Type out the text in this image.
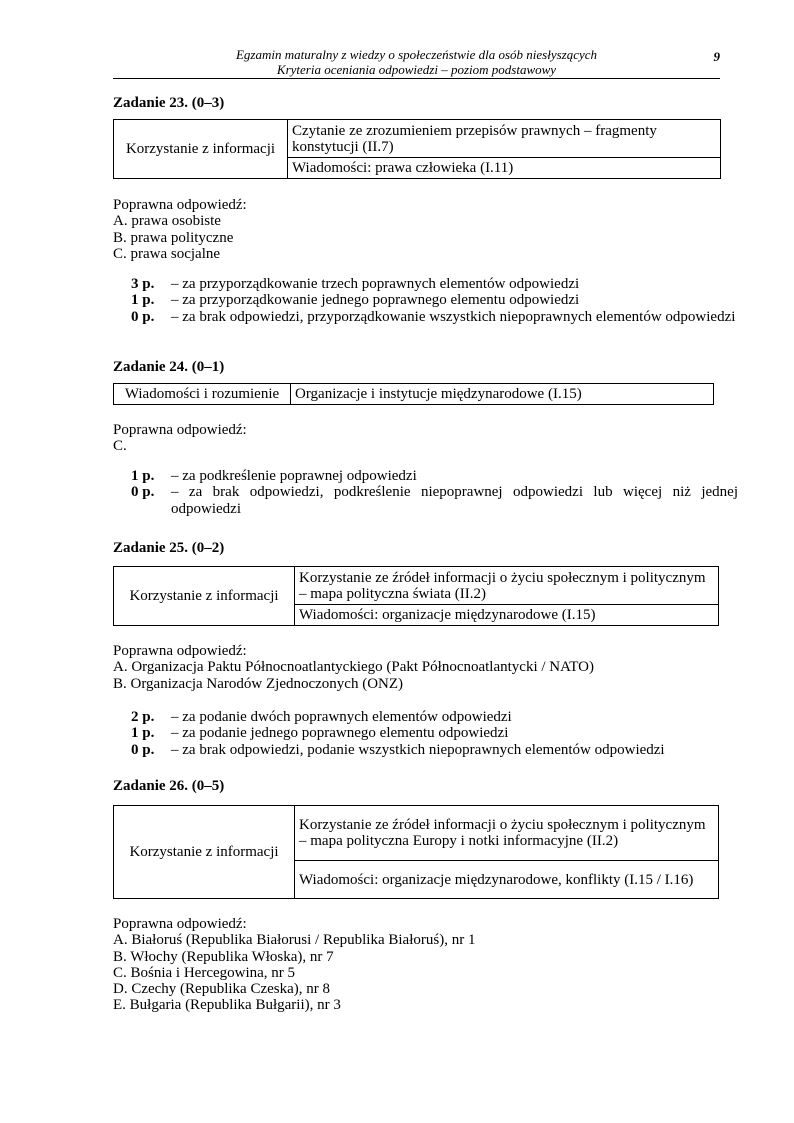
Egzamin maturalny z wiedzy o społeczeństwie dla osób niesłyszących
Kryteria oceniania odpowiedzi – poziom podstawowy
9
Zadanie 23. (0–3)
Korzystanie z informacji	Czytanie ze zrozumieniem przepisów prawnych – fragmenty konstytucji (II.7)
Wiadomości: prawa człowieka (I.11)
Poprawna odpowiedź:
A. prawa osobiste
B. prawa polityczne
C. prawa socjalne
3 p. – za przyporządkowanie trzech poprawnych elementów odpowiedzi
1 p. – za przyporządkowanie jednego poprawnego elementu odpowiedzi
0 p. – za brak odpowiedzi, przyporządkowanie wszystkich niepoprawnych elementów odpowiedzi
Zadanie 24. (0–1)
Wiadomości i rozumienie	Organizacje i instytucje międzynarodowe (I.15)
Poprawna odpowiedź:
C.
1 p. – za podkreślenie poprawnej odpowiedzi
0 p. – za brak odpowiedzi, podkreślenie niepoprawnej odpowiedzi lub więcej niż jednej odpowiedzi
Zadanie 25. (0–2)
Korzystanie z informacji	Korzystanie ze źródeł informacji o życiu społecznym i politycznym – mapa polityczna świata (II.2)
Wiadomości: organizacje międzynarodowe (I.15)
Poprawna odpowiedź:
A. Organizacja Paktu Północnoatlantyckiego (Pakt Północnoatlantycki / NATO)
B. Organizacja Narodów Zjednoczonych (ONZ)
2 p. – za podanie dwóch poprawnych elementów odpowiedzi
1 p. – za podanie jednego poprawnego elementu odpowiedzi
0 p. – za brak odpowiedzi, podanie wszystkich niepoprawnych elementów odpowiedzi
Zadanie 26. (0–5)
Korzystanie z informacji	Korzystanie ze źródeł informacji o życiu społecznym i politycznym – mapa polityczna Europy i notki informacyjne (II.2)
Wiadomości: organizacje międzynarodowe, konflikty (I.15 / I.16)
Poprawna odpowiedź:
A. Białoruś (Republika Białorusi / Republika Białoruś), nr 1
B. Włochy (Republika Włoska), nr 7
C. Bośnia i Hercegowina, nr 5
D. Czechy (Republika Czeska), nr 8
E. Bułgaria (Republika Bułgarii), nr 3
